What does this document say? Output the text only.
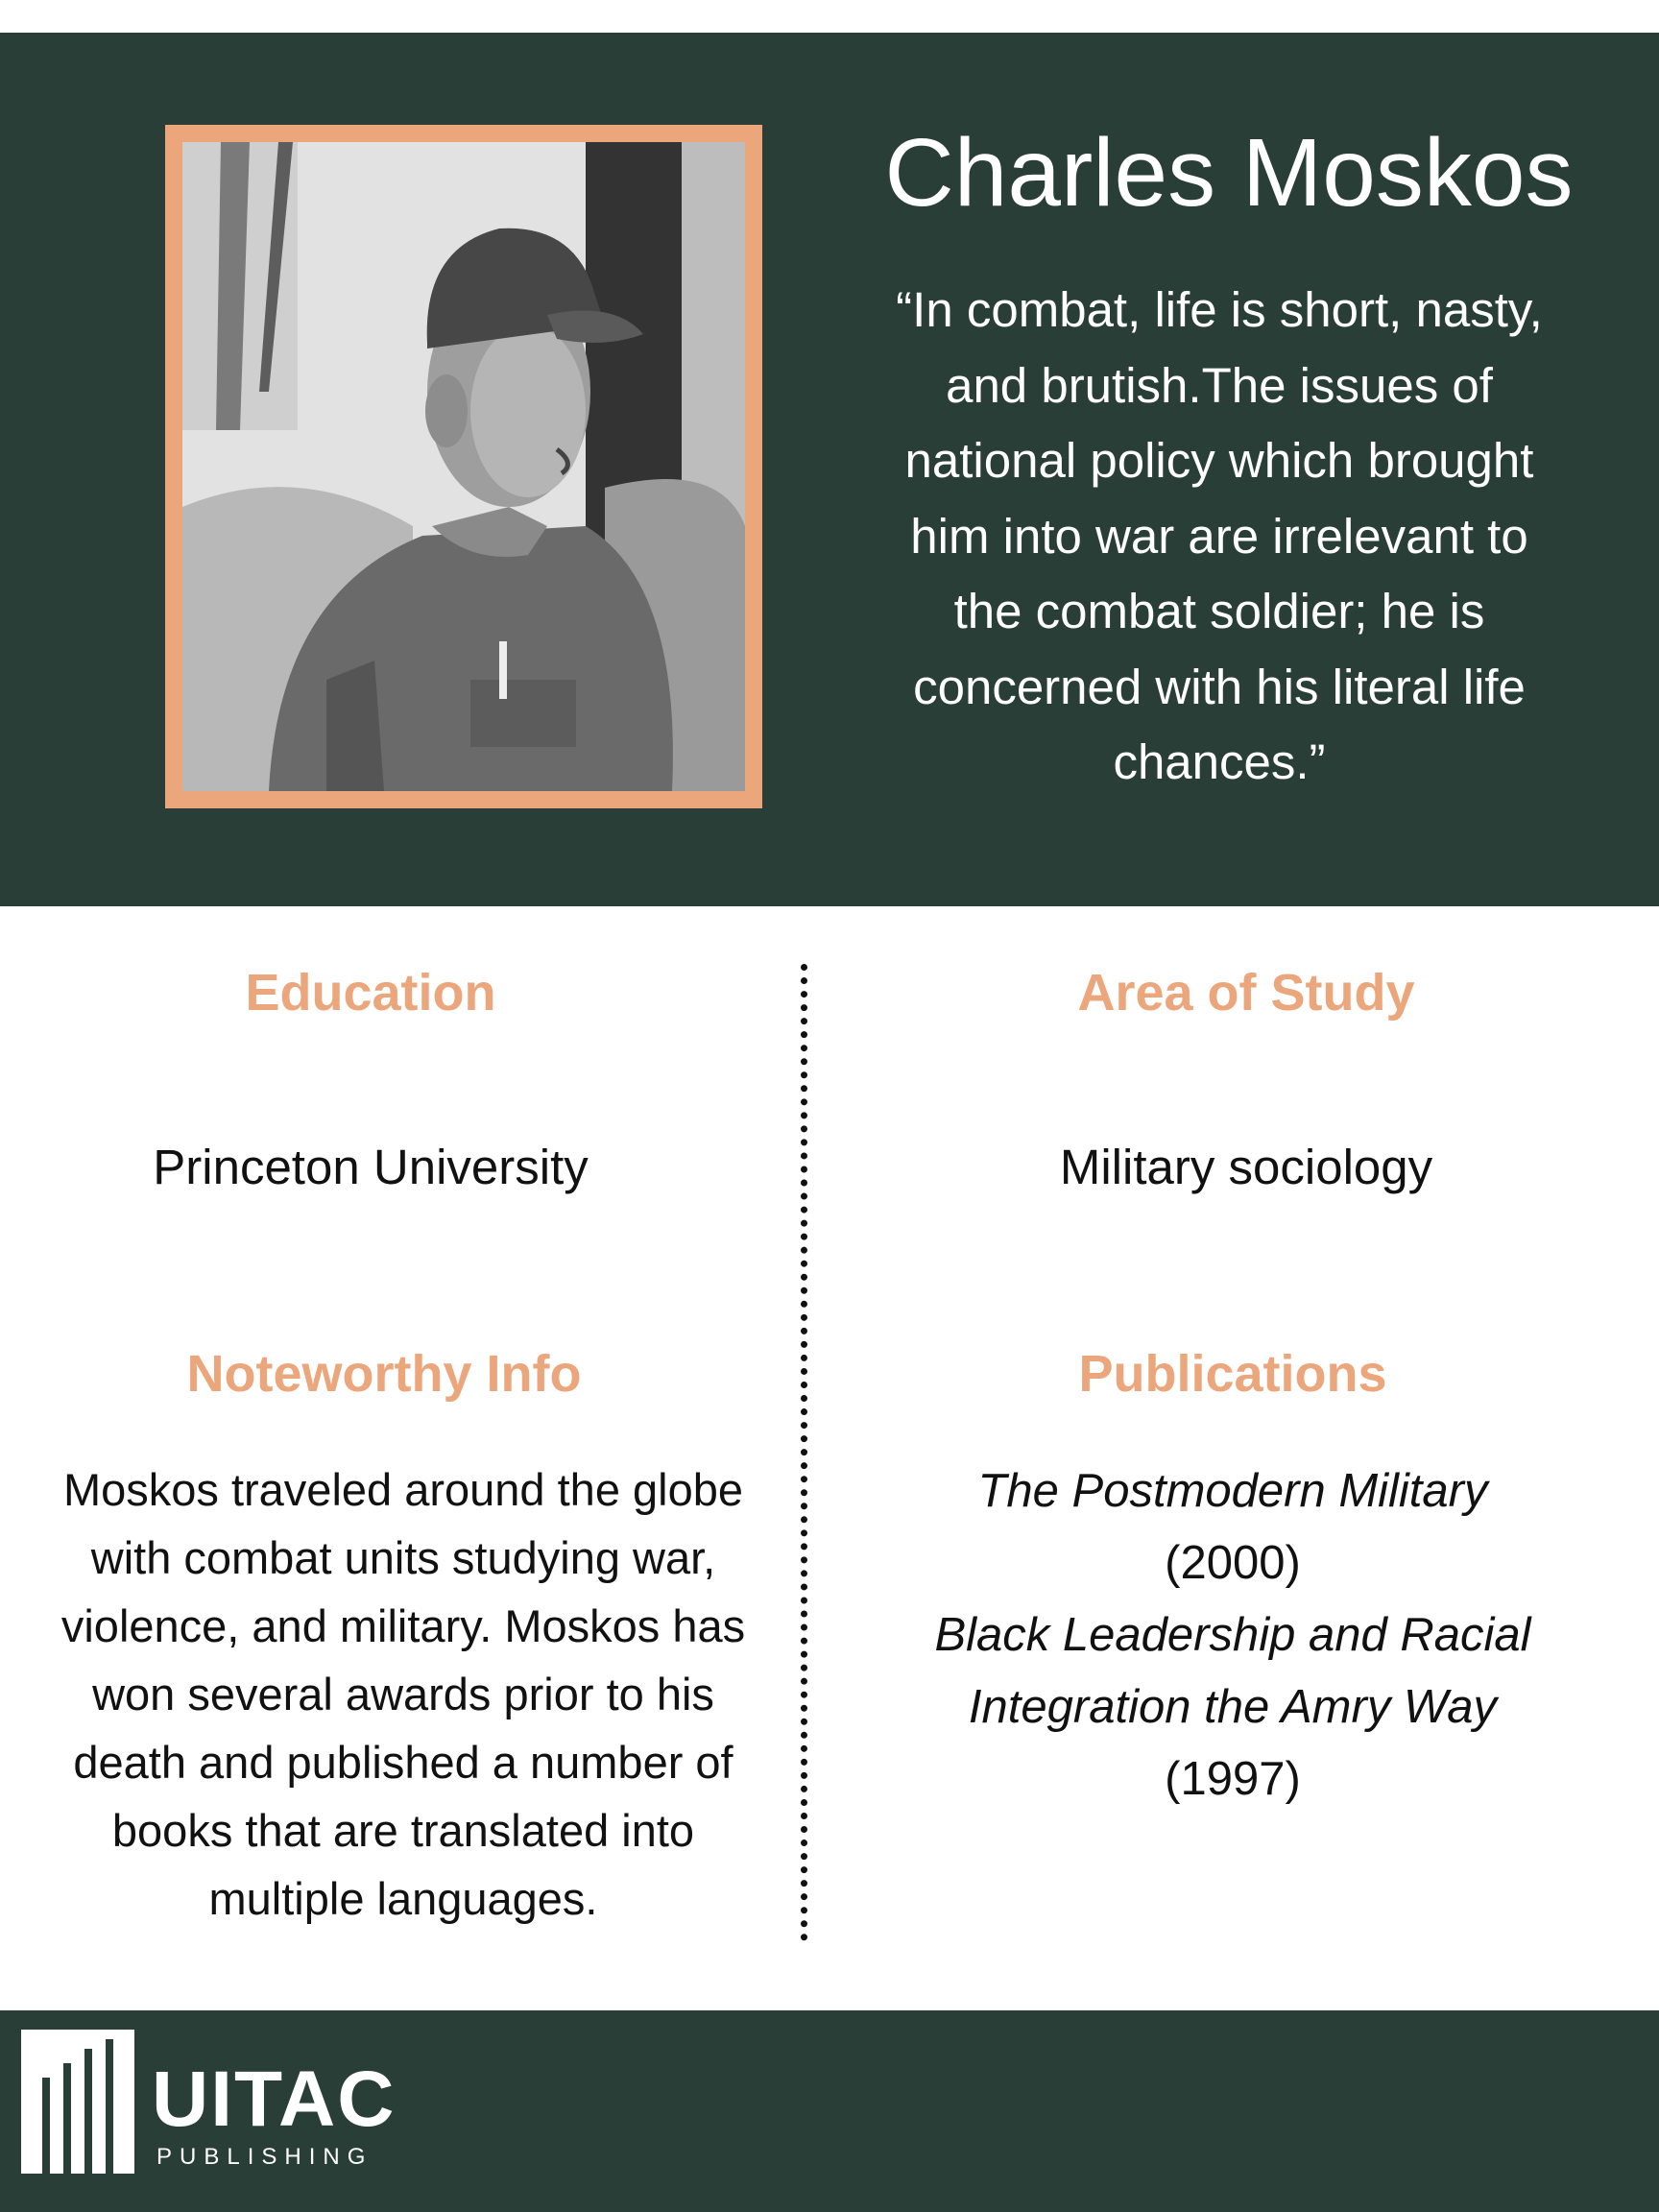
Charles Moskos
“In combat, life is short, nasty,
and brutish.The issues of
national policy which brought
him into war are irrelevant to
the combat soldier; he is
concerned with his literal life
chances.”
Education
Princeton University
Area of Study
Military sociology
Noteworthy Info
Moskos traveled around the globe
with combat units studying war,
violence, and military. Moskos has
won several awards prior to his
death and published a number of
books that are translated into
multiple languages.
Publications
The Postmodern Military
(2000)
Black Leadership and Racial
Integration the Amry Way
(1997)
UITAC
PUBLISHING
